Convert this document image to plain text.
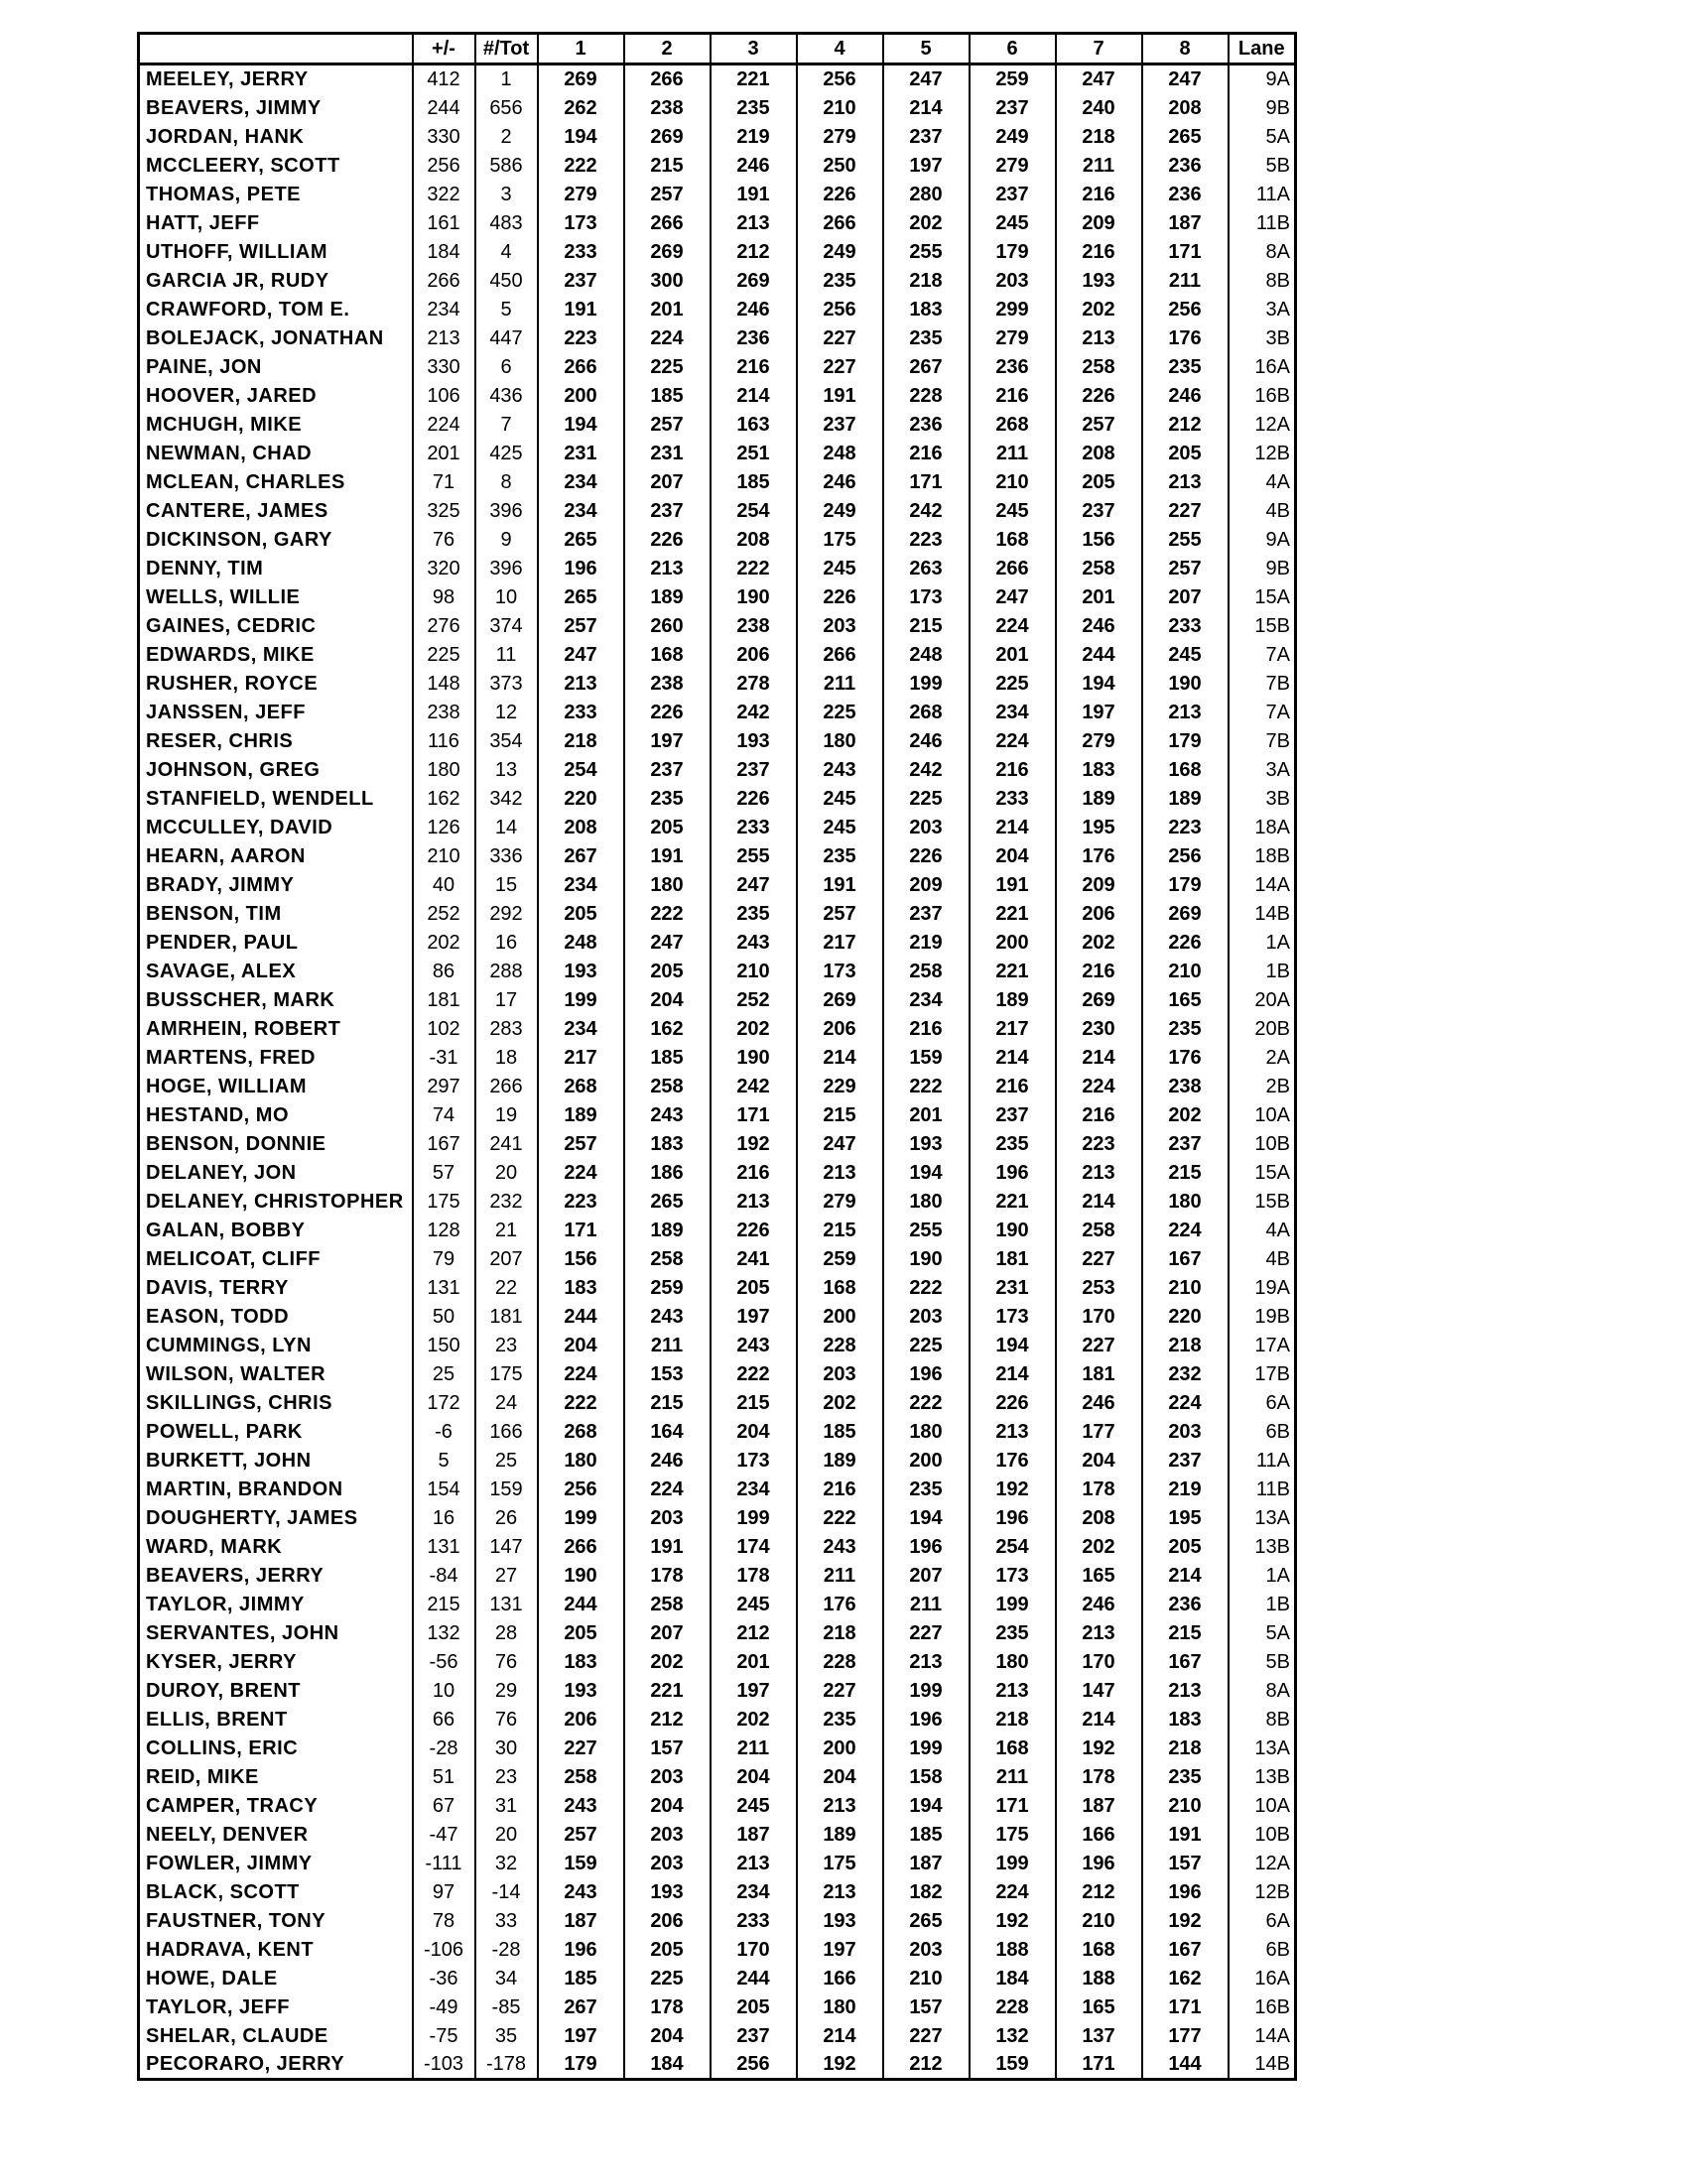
	+/-	#/Tot	1	2	3	4	5	6	7	8	Lane
MEELEY, JERRY	412	1	269	266	221	256	247	259	247	247	9A
BEAVERS, JIMMY	244	656	262	238	235	210	214	237	240	208	9B
JORDAN, HANK	330	2	194	269	219	279	237	249	218	265	5A
MCCLEERY, SCOTT	256	586	222	215	246	250	197	279	211	236	5B
THOMAS, PETE	322	3	279	257	191	226	280	237	216	236	11A
HATT, JEFF	161	483	173	266	213	266	202	245	209	187	11B
UTHOFF, WILLIAM	184	4	233	269	212	249	255	179	216	171	8A
GARCIA JR, RUDY	266	450	237	300	269	235	218	203	193	211	8B
CRAWFORD, TOM E.	234	5	191	201	246	256	183	299	202	256	3A
BOLEJACK, JONATHAN	213	447	223	224	236	227	235	279	213	176	3B
PAINE, JON	330	6	266	225	216	227	267	236	258	235	16A
HOOVER, JARED	106	436	200	185	214	191	228	216	226	246	16B
MCHUGH, MIKE	224	7	194	257	163	237	236	268	257	212	12A
NEWMAN, CHAD	201	425	231	231	251	248	216	211	208	205	12B
MCLEAN, CHARLES	71	8	234	207	185	246	171	210	205	213	4A
CANTERE, JAMES	325	396	234	237	254	249	242	245	237	227	4B
DICKINSON, GARY	76	9	265	226	208	175	223	168	156	255	9A
DENNY, TIM	320	396	196	213	222	245	263	266	258	257	9B
WELLS, WILLIE	98	10	265	189	190	226	173	247	201	207	15A
GAINES, CEDRIC	276	374	257	260	238	203	215	224	246	233	15B
EDWARDS, MIKE	225	11	247	168	206	266	248	201	244	245	7A
RUSHER, ROYCE	148	373	213	238	278	211	199	225	194	190	7B
JANSSEN, JEFF	238	12	233	226	242	225	268	234	197	213	7A
RESER, CHRIS	116	354	218	197	193	180	246	224	279	179	7B
JOHNSON, GREG	180	13	254	237	237	243	242	216	183	168	3A
STANFIELD, WENDELL	162	342	220	235	226	245	225	233	189	189	3B
MCCULLEY, DAVID	126	14	208	205	233	245	203	214	195	223	18A
HEARN, AARON	210	336	267	191	255	235	226	204	176	256	18B
BRADY, JIMMY	40	15	234	180	247	191	209	191	209	179	14A
BENSON, TIM	252	292	205	222	235	257	237	221	206	269	14B
PENDER, PAUL	202	16	248	247	243	217	219	200	202	226	1A
SAVAGE, ALEX	86	288	193	205	210	173	258	221	216	210	1B
BUSSCHER, MARK	181	17	199	204	252	269	234	189	269	165	20A
AMRHEIN, ROBERT	102	283	234	162	202	206	216	217	230	235	20B
MARTENS, FRED	-31	18	217	185	190	214	159	214	214	176	2A
HOGE, WILLIAM	297	266	268	258	242	229	222	216	224	238	2B
HESTAND, MO	74	19	189	243	171	215	201	237	216	202	10A
BENSON, DONNIE	167	241	257	183	192	247	193	235	223	237	10B
DELANEY, JON	57	20	224	186	216	213	194	196	213	215	15A
DELANEY, CHRISTOPHER	175	232	223	265	213	279	180	221	214	180	15B
GALAN, BOBBY	128	21	171	189	226	215	255	190	258	224	4A
MELICOAT, CLIFF	79	207	156	258	241	259	190	181	227	167	4B
DAVIS, TERRY	131	22	183	259	205	168	222	231	253	210	19A
EASON, TODD	50	181	244	243	197	200	203	173	170	220	19B
CUMMINGS, LYN	150	23	204	211	243	228	225	194	227	218	17A
WILSON, WALTER	25	175	224	153	222	203	196	214	181	232	17B
SKILLINGS, CHRIS	172	24	222	215	215	202	222	226	246	224	6A
POWELL, PARK	-6	166	268	164	204	185	180	213	177	203	6B
BURKETT, JOHN	5	25	180	246	173	189	200	176	204	237	11A
MARTIN, BRANDON	154	159	256	224	234	216	235	192	178	219	11B
DOUGHERTY, JAMES	16	26	199	203	199	222	194	196	208	195	13A
WARD, MARK	131	147	266	191	174	243	196	254	202	205	13B
BEAVERS, JERRY	-84	27	190	178	178	211	207	173	165	214	1A
TAYLOR, JIMMY	215	131	244	258	245	176	211	199	246	236	1B
SERVANTES, JOHN	132	28	205	207	212	218	227	235	213	215	5A
KYSER, JERRY	-56	76	183	202	201	228	213	180	170	167	5B
DUROY, BRENT	10	29	193	221	197	227	199	213	147	213	8A
ELLIS, BRENT	66	76	206	212	202	235	196	218	214	183	8B
COLLINS, ERIC	-28	30	227	157	211	200	199	168	192	218	13A
REID, MIKE	51	23	258	203	204	204	158	211	178	235	13B
CAMPER, TRACY	67	31	243	204	245	213	194	171	187	210	10A
NEELY, DENVER	-47	20	257	203	187	189	185	175	166	191	10B
FOWLER, JIMMY	-111	32	159	203	213	175	187	199	196	157	12A
BLACK, SCOTT	97	-14	243	193	234	213	182	224	212	196	12B
FAUSTNER, TONY	78	33	187	206	233	193	265	192	210	192	6A
HADRAVA, KENT	-106	-28	196	205	170	197	203	188	168	167	6B
HOWE, DALE	-36	34	185	225	244	166	210	184	188	162	16A
TAYLOR, JEFF	-49	-85	267	178	205	180	157	228	165	171	16B
SHELAR, CLAUDE	-75	35	197	204	237	214	227	132	137	177	14A
PECORARO, JERRY	-103	-178	179	184	256	192	212	159	171	144	14B
